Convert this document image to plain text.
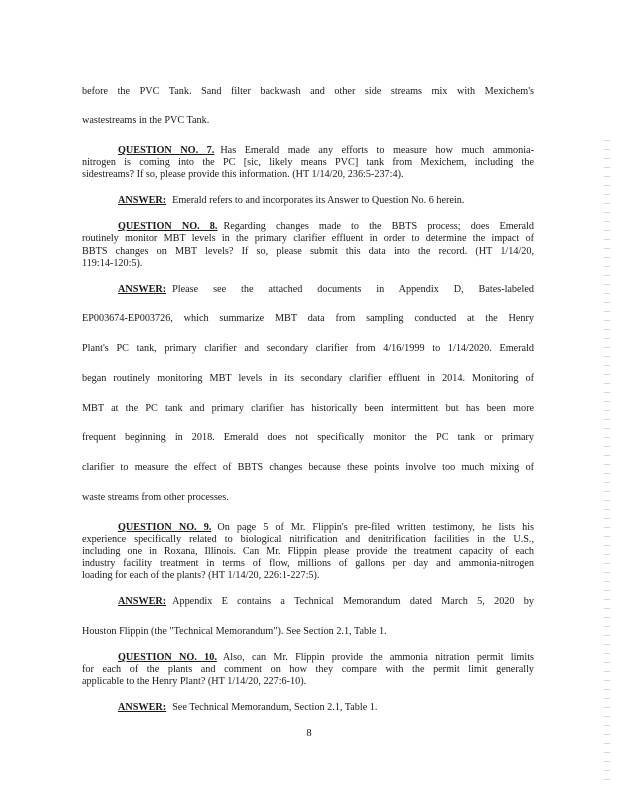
before the PVC Tank. Sand filter backwash and other side streams mix with Mexichem's
wastestreams in the PVC Tank.
QUESTION NO. 7. Has Emerald made any efforts to measure how much ammonia-
nitrogen is coming into the PC [sic, likely means PVC] tank from Mexichem, including the
sidestreams? If so, please provide this information. (HT 1/14/20, 236:5-237:4).
ANSWER: Emerald refers to and incorporates its Answer to Question No. 6 herein.
QUESTION NO. 8. Regarding changes made to the BBTS process; does Emerald
routinely monitor MBT levels in the primary clarifier effluent in order to determine the impact of
BBTS changes on MBT levels? If so, please submit this data into the record. (HT 1/14/20,
119:14-120:5).
ANSWER: Please see the attached documents in Appendix D, Bates-labeled
EP003674-EP003726, which summarize MBT data from sampling conducted at the Henry
Plant's PC tank, primary clarifier and secondary clarifier from 4/16/1999 to 1/14/2020. Emerald
began routinely monitoring MBT levels in its secondary clarifier effluent in 2014. Monitoring of
MBT at the PC tank and primary clarifier has historically been intermittent but has been more
frequent beginning in 2018. Emerald does not specifically monitor the PC tank or primary
clarifier to measure the effect of BBTS changes because these points involve too much mixing of
waste streams from other processes.
QUESTION NO. 9. On page 5 of Mr. Flippin's pre-filed written testimony, he lists his
experience specifically related to biological nitrification and denitrification facilities in the U.S.,
including one in Roxana, Illinois. Can Mr. Flippin please provide the treatment capacity of each
industry facility treatment in terms of flow, millions of gallons per day and ammonia-nitrogen
loading for each of the plants? (HT 1/14/20, 226:1-227:5).
ANSWER: Appendix E contains a Technical Memorandum dated March 5, 2020 by
Houston Flippin (the "Technical Memorandum"). See Section 2.1, Table 1.
QUESTION NO. 10. Also, can Mr. Flippin provide the ammonia nitration permit limits
for each of the plants and comment on how they compare with the permit limit generally
applicable to the Henry Plant? (HT 1/14/20, 227:6-10).
ANSWER: See Technical Memorandum, Section 2.1, Table 1.
8
